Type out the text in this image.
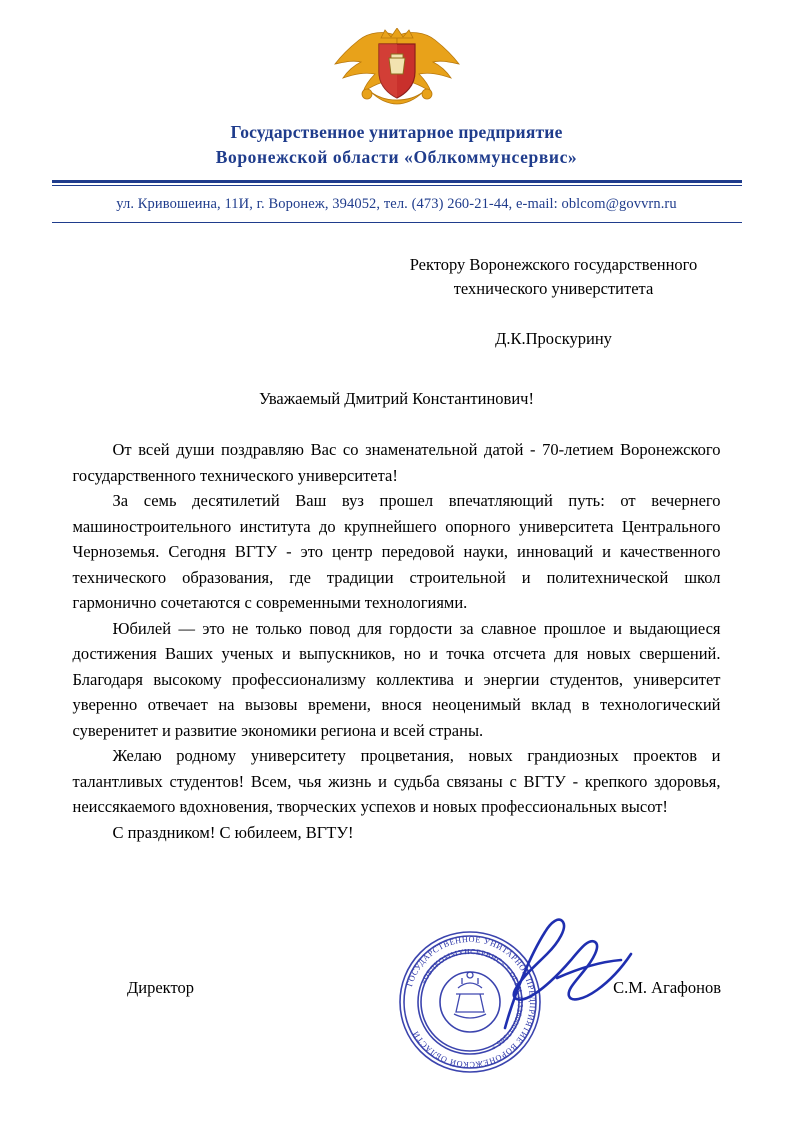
Государственное унитарное предприятие
Воронежской области «Облкоммунсервис»
ул. Кривошеина, 11И, г. Воронеж, 394052, тел. (473) 260-21-44, e-mail: oblcom@govvrn.ru
Ректору Воронежского государственного
технического универститета
Д.К.Проскурину
Уважаемый Дмитрий Константинович!

От всей души поздравляю Вас со знаменательной датой - 70-летием Воронежского государственного технического университета!

За семь десятилетий Ваш вуз прошел впечатляющий путь: от вечернего машиностроительного института до крупнейшего опорного университета Центрального Черноземья. Сегодня ВГТУ - это центр передовой науки, инноваций и качественного технического образования, где традиции строительной и политехнической школ гармонично сочетаются с современными технологиями.

Юбилей — это не только повод для гордости за славное прошлое и выдающиеся достижения Ваших ученых и выпускников, но и точка отсчета для новых свершений. Благодаря высокому профессионализму коллектива и энергии студентов, университет уверенно отвечает на вызовы времени, внося неоценимый вклад в технологический суверенитет и развитие экономики региона и всей страны.

Желаю родному университету процветания, новых грандиозных проектов и талантливых студентов! Всем, чья жизнь и судьба связаны с ВГТУ - крепкого здоровья, неиссякаемого вдохновения, творческих успехов и новых профессиональных высот!

С праздником! С юбилеем, ВГТУ!

ГОСУДАРСТВЕННОЕ УНИТАРНОЕ ПРЕДПРИЯТИЕ ВОРОНЕЖСКОЙ ОБЛАСТИ
«ОБЛКОММУНСЕРВИС» * ОГРН 1033600047566 *
Директор	С.М. Агафонов
